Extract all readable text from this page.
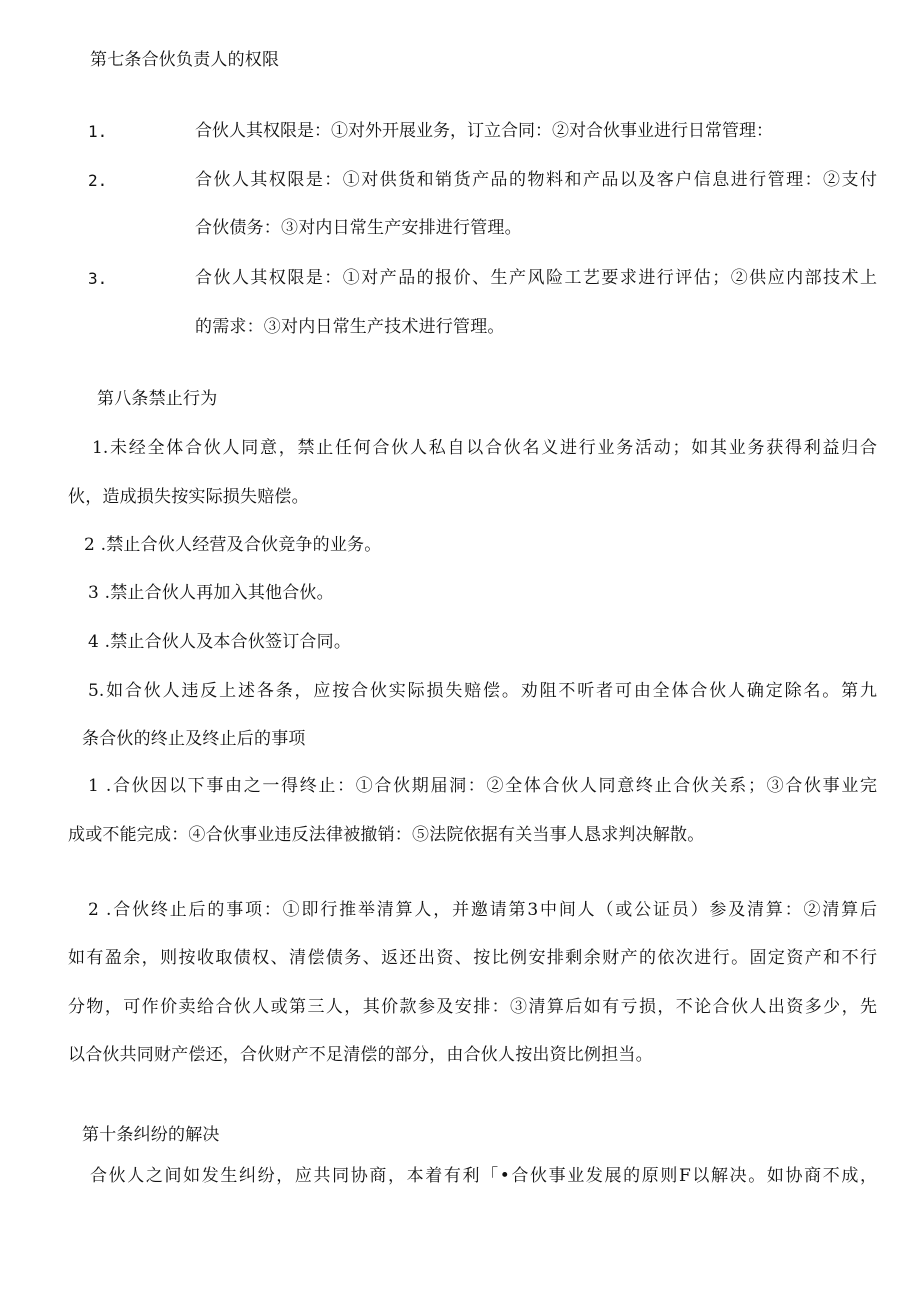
第七条合伙负责人的权限
1.	合伙人其权限是：①对外开展业务，订立合同：②对合伙事业进行日常管理：
2.	合伙人其权限是：①对供货和销货产品的物料和产品以及客户信息进行管理：②支付
合伙债务：③对内日常生产安排进行管理。
3.	合伙人其权限是：①对产品的报价、生产风险工艺要求进行评估；②供应内部技术上
的需求：③对内日常生产技术进行管理。
第八条禁止行为
1.未经全体合伙人同意，禁止任何合伙人私自以合伙名义进行业务活动；如其业务获得利益归合
伙，造成损失按实际损失赔偿。
2 .禁止合伙人经营及合伙竞争的业务。
3 .禁止合伙人再加入其他合伙。
4 .禁止合伙人及本合伙签订合同。
5.如合伙人违反上述各条，应按合伙实际损失赔偿。劝阻不听者可由全体合伙人确定除名。第九
条合伙的终止及终止后的事项
1 .合伙因以下事由之一得终止：①合伙期届洞：②全体合伙人同意终止合伙关系；③合伙事业完
成或不能完成：④合伙事业违反法律被撤销：⑤法院依据有关当事人恳求判决解散。
2 .合伙终止后的事项：①即行推举清算人，并邀请第3中间人（或公证员）参及清算：②清算后
如有盈余，则按收取债权、清偿债务、返还出资、按比例安排剩余财产的依次进行。固定资产和不行
分物，可作价卖给合伙人或第三人，其价款参及安排：③清算后如有亏损，不论合伙人出资多少，先
以合伙共同财产偿还，合伙财产不足清偿的部分，由合伙人按出资比例担当。
第十条纠纷的解决
合伙人之间如发生纠纷，应共同协商，本着有利「•合伙事业发展的原则F以解决。如协商不成，
